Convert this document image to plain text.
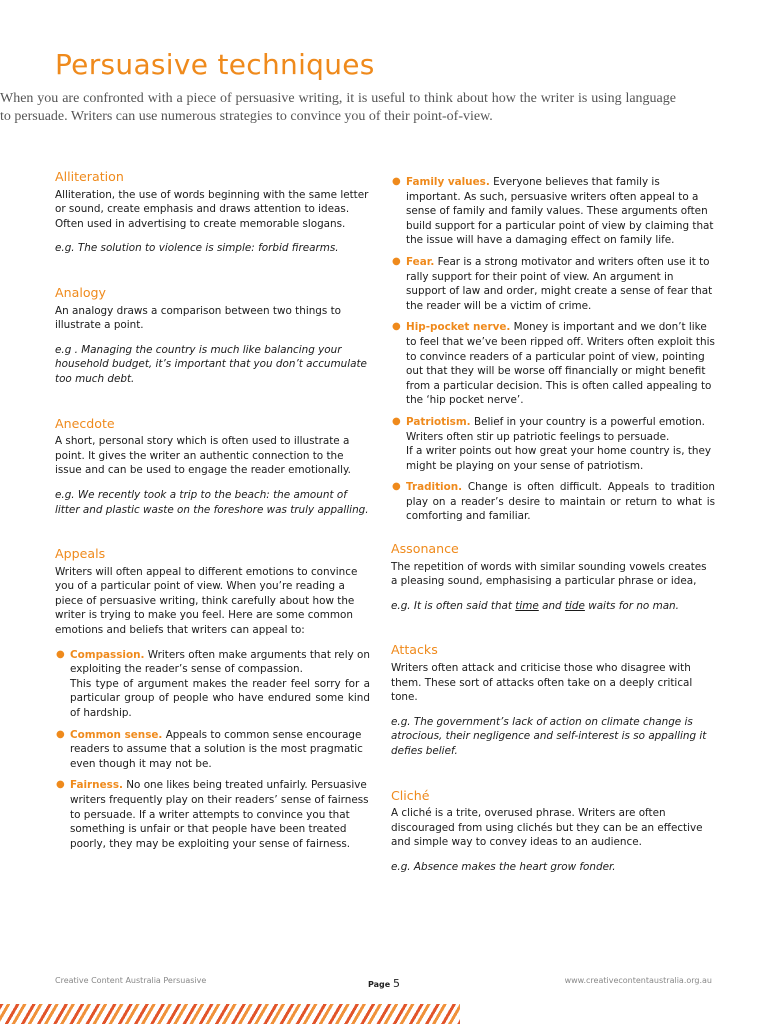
Persuasive techniques

When you are confronted with a piece of persuasive writing, it is useful to think about how the writer is using language to persuade. Writers can use numerous strategies to convince you of their point-of-view.

Alliteration

Alliteration, the use of words beginning with the same letter or sound, create emphasis and draws attention to ideas.

Often used in advertising to create memorable slogans.

e.g. The solution to violence is simple: forbid firearms.

Analogy

An analogy draws a comparison between two things to illustrate a point.

e.g . Managing the country is much like balancing your household budget, it’s important that you don’t accumulate too much debt.

Anecdote

A short, personal story which is often used to illustrate a point. It gives the writer an authentic connection to the issue and can be used to engage the reader emotionally.

e.g. We recently took a trip to the beach: the amount of litter and plastic waste on the foreshore was truly appalling.

Appeals

Writers will often appeal to different emotions to convince you of a particular point of view. When you’re reading a piece of persuasive writing, think carefully about how the writer is trying to make you feel. Here are some common emotions and beliefs that writers can appeal to:

● Compassion. Writers often make arguments that rely on exploiting the reader’s sense of compassion.
This type of argument makes the reader feel sorry for a particular group of people who have endured some kind of hardship.
● Common sense. Appeals to common sense encourage readers to assume that a solution is the most pragmatic even though it may not be.
● Fairness. No one likes being treated unfairly. Persuasive writers frequently play on their readers’ sense of fairness to persuade. If a writer attempts to convince you that something is unfair or that people have been treated poorly, they may be exploiting your sense of fairness.
● Family values. Everyone believes that family is important. As such, persuasive writers often appeal to a sense of family and family values. These arguments often build support for a particular point of view by claiming that the issue will have a damaging effect on family life.
● Fear. Fear is a strong motivator and writers often use it to rally support for their point of view. An argument in support of law and order, might create a sense of fear that the reader will be a victim of crime.
● Hip-pocket nerve. Money is important and we don’t like to feel that we’ve been ripped off. Writers often exploit this to convince readers of a particular point of view, pointing out that they will be worse off financially or might benefit from a particular decision. This is often called appealing to the ‘hip pocket nerve’.
● Patriotism. Belief in your country is a powerful emotion. Writers often stir up patriotic feelings to persuade.
If a writer points out how great your home country is, they might be playing on your sense of patriotism.
● Tradition. Change is often difficult. Appeals to tradition play on a reader’s desire to maintain or return to what is comforting and familiar.
Assonance

The repetition of words with similar sounding vowels creates a pleasing sound, emphasising a particular phrase or idea,

e.g. It is often said that time and tide waits for no man.

Attacks

Writers often attack and criticise those who disagree with them. These sort of attacks often take on a deeply critical tone.

e.g. The government’s lack of action on climate change is atrocious, their negligence and self-interest is so appalling it defies belief.

Cliché

A cliché is a trite, overused phrase. Writers are often discouraged from using clichés but they can be an effective and simple way to convey ideas to an audience.

e.g. Absence makes the heart grow fonder.

Creative Content Australia Persuasive	Page 5	www.creativecontentaustralia.org.au
